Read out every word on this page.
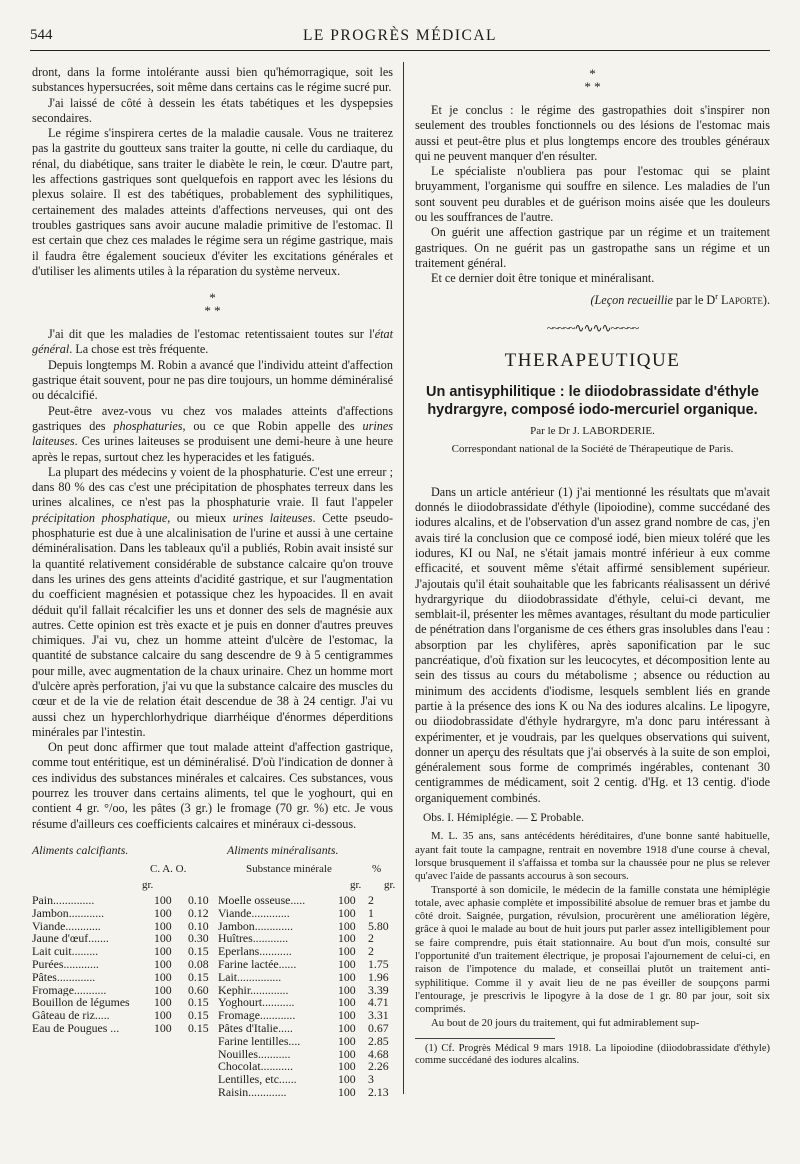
544	LE PROGRÈS MÉDICAL

dront, dans la forme intolérante aussi bien qu'hémorragique, soit les substances hypersucrées, soit même dans certains cas le régime sucré pur.

J'ai laissé de côté à dessein les états tabétiques et les dyspepsies secondaires.

Le régime s'inspirera certes de la maladie causale. Vous ne traiterez pas la gastrite du goutteux sans traiter la goutte, ni celle du cardiaque, du rénal, du diabétique, sans traiter le diabète le rein, le cœur. D'autre part, les affections gastriques sont quelquefois en rapport avec les lésions du plexus solaire. Il est des tabétiques, probablement des syphilitiques, certainement des malades atteints d'affections nerveuses, qui ont des troubles gastriques sans avoir aucune maladie primitive de l'estomac. Il est certain que chez ces malades le régime sera un régime gastrique, mais il faudra être également soucieux d'éviter les excitations générales et d'utiliser les aliments utiles à la réparation du système nerveux.

*
* *

J'ai dit que les maladies de l'estomac retentissaient toutes sur l'état général. La chose est très fréquente.

Depuis longtemps M. Robin a avancé que l'individu atteint d'affection gastrique était souvent, pour ne pas dire toujours, un homme déminéralisé ou décalcifié.

Peut-être avez-vous vu chez vos malades atteints d'affections gastriques des phosphaturies, ou ce que Robin appelle des urines laiteuses. Ces urines laiteuses se produisent une demi-heure à une heure après le repas, surtout chez les hyperacides et les fatigués.

La plupart des médecins y voient de la phosphaturie. C'est une erreur ; dans 80 % des cas c'est une précipitation de phosphates terreux dans les urines alcalines, ce n'est pas la phosphaturie vraie. Il faut l'appeler précipitation phosphatique, ou mieux urines laiteuses. Cette pseudo-phosphaturie est due à une alcalinisation de l'urine et aussi à une certaine déminéralisation. Dans les tableaux qu'il a publiés, Robin avait insisté sur la quantité relativement considérable de substance calcaire qu'on trouve dans les urines des gens atteints d'acidité gastrique, et sur l'augmentation du coefficient magnésien et potassique chez les hypoacides. Il en avait déduit qu'il fallait récalcifier les uns et donner des sels de magnésie aux autres. Cette opinion est très exacte et je puis en donner d'autres preuves chimiques. J'ai vu, chez un homme atteint d'ulcère de l'estomac, la quantité de substance calcaire du sang descendre de 9 à 5 centigrammes pour mille, avec augmentation de la chaux urinaire. Chez un homme mort d'ulcère après perforation, j'ai vu que la substance calcaire des muscles du cœur et de la vie de relation était descendue de 38 à 24 centigr. J'ai vu aussi chez un hyperchlorhydrique diarrhéique d'énormes déperditions minérales par l'intestin.

On peut donc affirmer que tout malade atteint d'affection gastrique, comme tout entéritique, est un déminéralisé. D'où l'indication de donner à ces individus des substances minérales et calcaires. Ces substances, vous pourrez les trouver dans certains aliments, tel que le yoghourt, qui en contient 4 gr. °/oo, les pâtes (3 gr.) le fromage (70 gr. %) etc. Je vous résume d'ailleurs ces coefficients calcaires et minéraux ci-dessous.

Aliments calcifiants.	Aliments minéralisants.
C. A. O.
gr.
Substance minérale	%
gr. gr.
Pain..............	100 0.10
Jambon............	100 0.12
Viande............	100 0.10
Jaune d'œuf.......	100 0.30
Lait cuit.........	100 0.15
Purées............	100 0.08
Pâtes.............	100 0.15
Fromage...........	100 0.60
Bouillon de légumes 100 0.15
Gâteau de riz.....	100 0.15
Eau de Pougues ...	100 0.15
Moelle osseuse.....	100 2
Viande.............	100 1
Jambon.............	100 5.80
Huîtres............	100 2
Eperlans...........	100 2
Farine lactée......	100 1.75
Lait...............	100 1.96
Kephir.............	100 3.39
Yoghourt...........	100 4.71
Fromage............	100 3.31
Pâtes d'Italie.....	100 0.67
Farine lentilles....	100 2.85
Nouilles...........	100 4.68
Chocolat...........	100 2.26
Lentilles, etc......	100 3
Raisin.............	100 2.13
*
* *

Et je conclus : le régime des gastropathies doit s'inspirer non seulement des troubles fonctionnels ou des lésions de l'estomac mais aussi et peut-être plus et plus longtemps encore des troubles généraux qui ne peuvent manquer d'en résulter.

Le spécialiste n'oubliera pas pour l'estomac qui se plaint bruyamment, l'organisme qui souffre en silence. Les maladies de l'un sont souvent peu durables et de guérison moins aisée que les douleurs ou les souffrances de l'autre.

On guérit une affection gastrique par un régime et un traitement gastriques. On ne guérit pas un gastropathe sans un régime et un traitement général.

Et ce dernier doit être tonique et minéralisant.

(Leçon recueillie par le $D^r$ Laporte).

~~~~~∿∿∿∿~~~~~
THERAPEUTIQUE
Un antisyphilitique : le diiodobrassidate d'éthyle hydrargyre, composé iodo-mercuriel organique.
Par le Dr J. LABORDERIE.
Correspondant national de la Société de Thérapeutique de Paris.

Dans un article antérieur (1) j'ai mentionné les résultats que m'avait donnés le diiodobrassidate d'éthyle (lipoiodine), comme succédané des iodures alcalins, et de l'observation d'un assez grand nombre de cas, j'en avais tiré la conclusion que ce composé iodé, bien mieux toléré que les iodures, KI ou NaI, ne s'était jamais montré inférieur à eux comme efficacité, et souvent même s'était affirmé sensiblement supérieur. J'ajoutais qu'il était souhaitable que les fabricants réalisassent un dérivé hydrargyrique du diiodobrassidate d'éthyle, celui-ci devant, me semblait-il, présenter les mêmes avantages, résultant du mode particulier de pénétration dans l'organisme de ces éthers gras insolubles dans l'eau : absorption par les chylifères, après saponification par le suc pancréatique, d'où fixation sur les leucocytes, et décomposition lente au sein des tissus au cours du métabolisme ; absence ou réduction au minimum des accidents d'iodisme, lesquels semblent liés en grande partie à la présence des ions K ou Na des iodures alcalins. Le lipogyre, ou diiodobrassidate d'éthyle hydrargyre, m'a donc paru intéressant à expérimenter, et je voudrais, par les quelques observations qui suivent, donner un aperçu des résultats que j'ai observés à la suite de son emploi, généralement sous forme de comprimés ingérables, contenant 30 centigrammes de médicament, soit 2 centig. d'Hg. et 13 centig. d'iode organiquement combinés.

Obs. I. Hémiplégie. — Σ Probable.

M. L. 35 ans, sans antécédents héréditaires, d'une bonne santé habituelle, ayant fait toute la campagne, rentrait en novembre 1918 d'une course à cheval, lorsque brusquement il s'affaissa et tomba sur la chaussée pour ne plus se relever qu'avec l'aide de passants accourus à son secours.

Transporté à son domicile, le médecin de la famille constata une hémiplégie totale, avec aphasie complète et impossibilité absolue de remuer bras et jambe du côté droit. Saignée, purgation, révulsion, procurèrent une amélioration légère, grâce à quoi le malade au bout de huit jours put parler assez intelligiblement pour se faire comprendre, puis était stationnaire. Au bout d'un mois, consulté sur l'opportunité d'un traitement électrique, je proposai l'ajournement de celui-ci, en raison de l'impotence du malade, et conseillai plutôt un traitement anti-syphilitique. Comme il y avait lieu de ne pas éveiller de soupçons parmi l'entourage, je prescrivis le lipogyre à la dose de 1 gr. 80 par jour, soit six comprimés.

Au bout de 20 jours du traitement, qui fut admirablement sup-

(1) Cf. Progrès Médical 9 mars 1918. La lipoiodine (diiodobrassidate d'éthyle) comme succédané des iodures alcalins.
